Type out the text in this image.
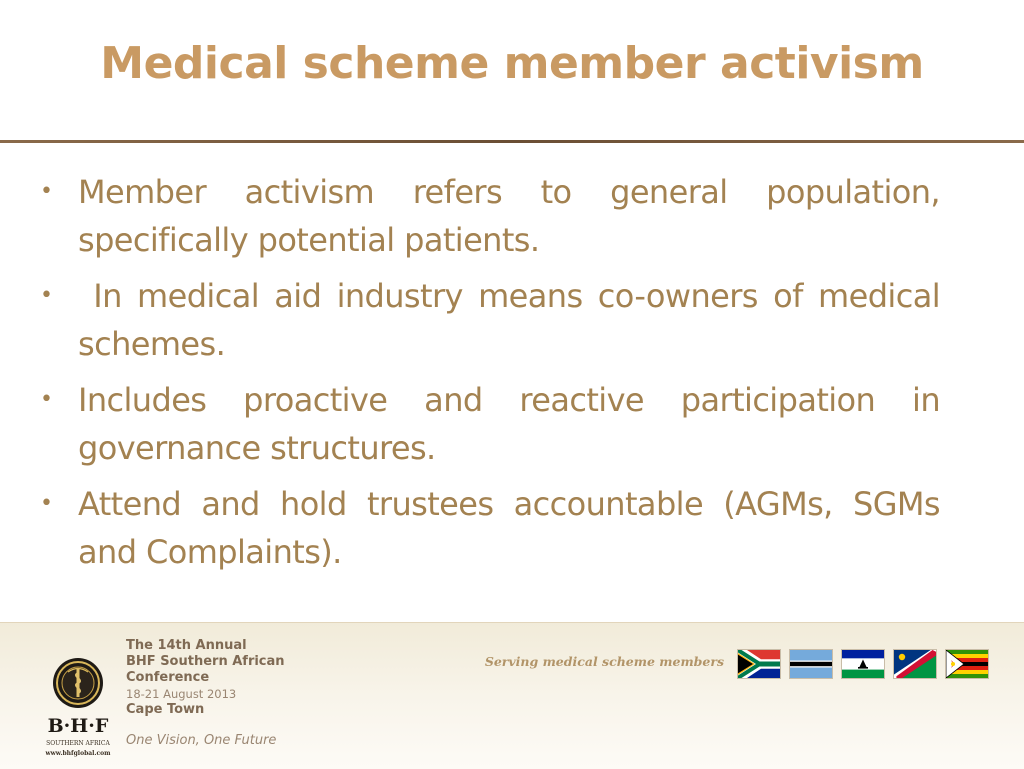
Medical scheme member activism
• Member activism refers to general population, specifically potential patients.
• In medical aid industry means co-owners of medical schemes.
• Includes proactive and reactive participation in governance structures.
• Attend and hold trustees accountable (AGMs, SGMs and Complaints).
B·H·F
SOUTHERN AFRICA
www.bhfglobal.com
The 14th Annual
BHF Southern African
Conference
18-21 August 2013
Cape Town
One Vision, One Future
Serving medical scheme members
